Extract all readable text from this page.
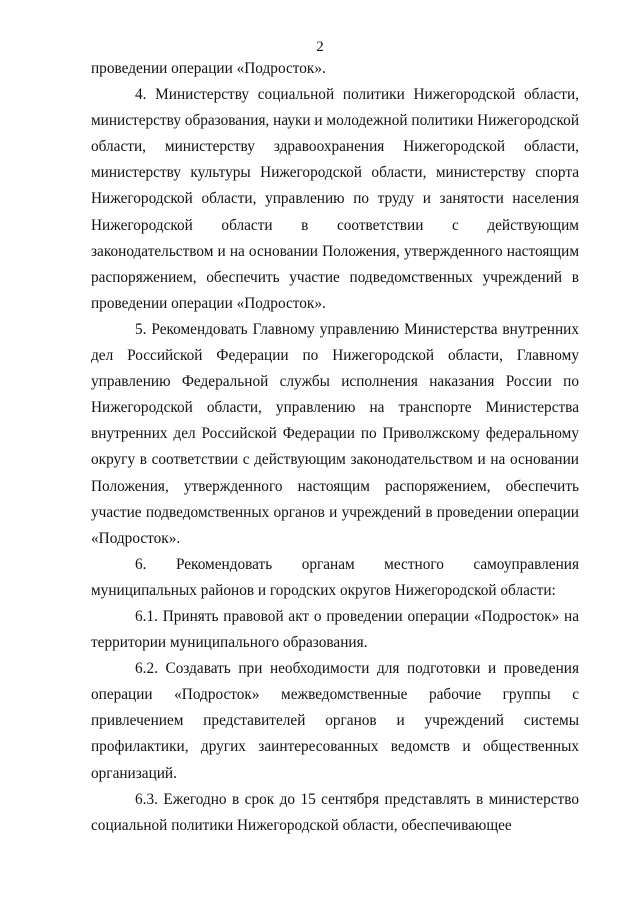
2

проведении операции «Подросток».

4. Министерству социальной политики Нижегородской области, министерству образования, науки и молодежной политики Нижегородской области, министерству здравоохранения Нижегородской области, министерству культуры Нижегородской области, министерству спорта Нижегородской области, управлению по труду и занятости населения Нижегородской области в соответствии с действующим законодательством и на основании Положения, утвержденного настоящим распоряжением, обеспечить участие подведомственных учреждений в проведении операции «Подросток».

5. Рекомендовать Главному управлению Министерства внутренних дел Российской Федерации по Нижегородской области, Главному управлению Федеральной службы исполнения наказания России по Нижегородской области, управлению на транспорте Министерства внутренних дел Российской Федерации по Приволжскому федеральному округу в соответствии с действующим законодательством и на основании Положения, утвержденного настоящим распоряжением, обеспечить участие подведомственных органов и учреждений в проведении операции «Подросток».

6. Рекомендовать органам местного самоуправления муниципальных районов и городских округов Нижегородской области:

6.1. Принять правовой акт о проведении операции «Подросток» на территории муниципального образования.

6.2. Создавать при необходимости для подготовки и проведения операции «Подросток» межведомственные рабочие группы с привлечением представителей органов и учреждений системы профилактики, других заинтересованных ведомств и общественных организаций.

6.3. Ежегодно в срок до 15 сентября представлять в министерство социальной политики Нижегородской области, обеспечивающее
